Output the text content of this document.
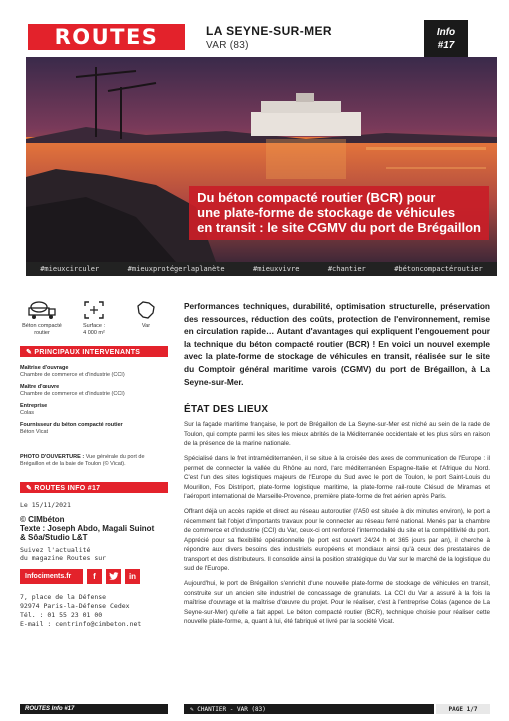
ROUTES	LA SEYNE-SUR-MER
VAR (83)
Info
#17
Du béton compacté routier (BCR) pour
une plate-forme de stockage de véhicules
en transit : le site CGMV du port de Brégaillon
#mieuxcirculer	#mieuxprotégerlaplanète	#mieuxvivre	#chantier	#bétoncompactéroutier
Béton compacté routier
Surface :
4 000 m²
Var
✎ PRINCIPAUX INTERVENANTS
Maîtrise d'ouvrage
Chambre de commerce et d'industrie (CCI)
Maître d'œuvre
Chambre de commerce et d'industrie (CCI)
Entreprise
Colas
Fournisseur du béton compacté routier
Béton Vicat
PHOTO D'OUVERTURE : Vue générale du port de Brégaillon et de la baie de Toulon (© Vicat).
✎ ROUTES INFO #17
Le 15/11/2021
© CIMbéton
Texte : Joseph Abdo, Magali Suinot
& Sôa/Studio L&T
Suivez l'actualité
du magazine Routes sur
Infociments.fr	f	in
7, place de la Défense
92974 Paris-la-Défense Cedex
Tél. : 01 55 23 01 00
E-mail : centrinfo@cimbeton.net
Performances techniques, durabilité, optimisation structurelle, préservation des ressources, réduction des coûts, protection de l'environnement, remise en circulation rapide… Autant d'avantages qui expliquent l'engouement pour la technique du béton compacté routier (BCR) ! En voici un nouvel exemple avec la plate-forme de stockage de véhicules en transit, réalisée sur le site du Comptoir général maritime varois (CGMV) du port de Brégaillon, à La Seyne-sur-Mer.
ÉTAT DES LIEUX
Sur la façade maritime française, le port de Brégaillon de La Seyne-sur-Mer est niché au sein de la rade de Toulon, qui compte parmi les sites les mieux abrités de la Méditerranée occidentale et les plus sûrs en raison de la présence de la marine nationale.
Spécialisé dans le fret intraméditerranéen, il se situe à la croisée des axes de communication de l'Europe : il permet de connecter la vallée du Rhône au nord, l'arc méditerranéen Espagne-Italie et l'Afrique du Nord. C'est l'un des sites logistiques majeurs de l'Europe du Sud avec le port de Toulon, le port Saint-Louis du Mourillon, Fos Distriport, plate-forme logistique maritime, la plate-forme rail-route Clésud de Miramas et l'aéroport international de Marseille-Provence, première plate-forme de fret aérien après Paris.
Offrant déjà un accès rapide et direct au réseau autoroutier (l'A50 est située à dix minutes environ), le port a récemment fait l'objet d'importants travaux pour le connecter au réseau ferré national. Menés par la chambre de commerce et d'industrie (CCI) du Var, ceux-ci ont renforcé l'intermodalité du site et la compétitivité du port. Apprécié pour sa flexibilité opérationnelle (le port est ouvert 24/24 h et 365 jours par an), il cherche à répondre aux divers besoins des industriels européens et mondiaux ainsi qu'à ceux des prestataires de transport et des distributeurs. Il consolide ainsi la position stratégique du Var sur le marché de la logistique du sud de l'Europe.
Aujourd'hui, le port de Brégaillon s'enrichit d'une nouvelle plate-forme de stockage de véhicules en transit, construite sur un ancien site industriel de concassage de granulats. La CCI du Var a assuré à la fois la maîtrise d'ouvrage et la maîtrise d'œuvre du projet. Pour le réaliser, c'est à l'entreprise Colas (agence de La Seyne-sur-Mer) qu'elle a fait appel. Le béton compacté routier (BCR), technique choisie pour réaliser cette nouvelle plate-forme, a, quant à lui, été fabriqué et livré par la société Vicat.
ROUTES Info #17	✎ CHANTIER - VAR (83)	PAGE 1/7
